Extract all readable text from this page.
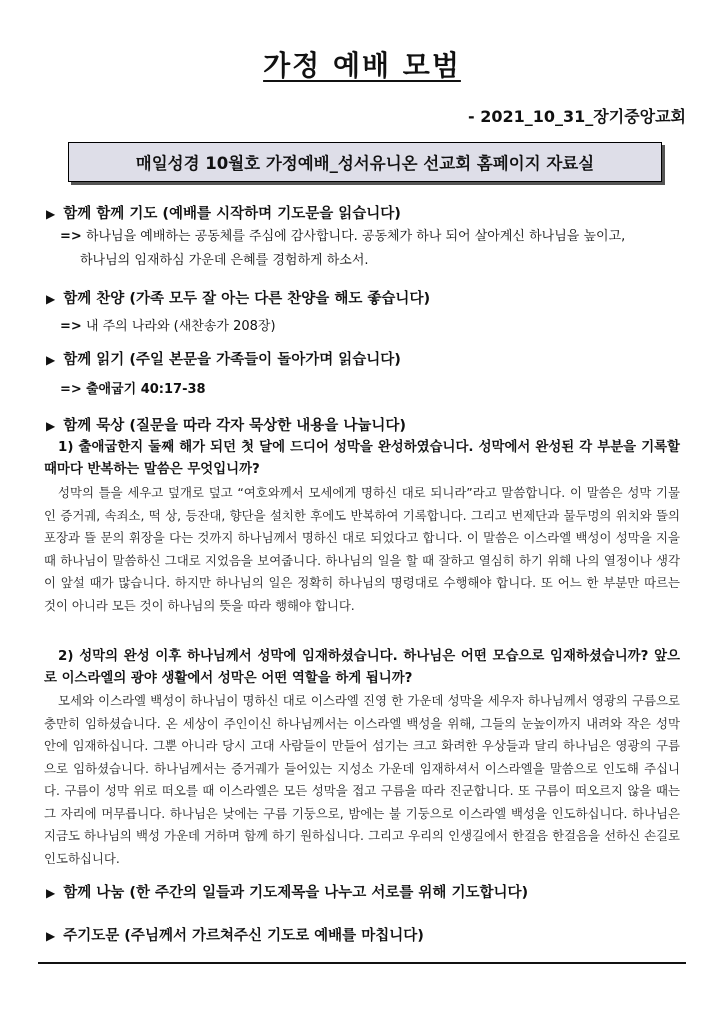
가정 예배 모범
- 2021_10_31_장기중앙교회
매일성경 10월호 가정예배_성서유니온 선교회 홈페이지 자료실
▶ 함께 함께 기도 (예배를 시작하며 기도문을 읽습니다)
=> 하나님을 예배하는 공동체를 주심에 감사합니다. 공동체가 하나 되어 살아계신 하나님을 높이고,
하나님의 임재하심 가운데 은혜를 경험하게 하소서.
▶ 함께 찬양 (가족 모두 잘 아는 다른 찬양을 해도 좋습니다)
=> 내 주의 나라와 (새찬송가 208장)
▶ 함께 읽기 (주일 본문을 가족들이 돌아가며 읽습니다)
=> 출애굽기 40:17-38
▶ 함께 묵상 (질문을 따라 각자 묵상한 내용을 나눕니다)
1) 출애굽한지 둘째 해가 되던 첫 달에 드디어 성막을 완성하였습니다. 성막에서 완성된 각 부분을 기록할 때마다 반복하는 말씀은 무엇입니까?
성막의 틀을 세우고 덮개로 덮고 “여호와께서 모세에게 명하신 대로 되니라”라고 말씀합니다. 이 말씀은 성막 기물인 증거궤, 속죄소, 떡 상, 등잔대, 향단을 설치한 후에도 반복하여 기록합니다. 그리고 번제단과 물두멍의 위치와 뜰의 포장과 뜰 문의 휘장을 다는 것까지 하나님께서 명하신 대로 되었다고 합니다. 이 말씀은 이스라엘 백성이 성막을 지을 때 하나님이 말씀하신 그대로 지었음을 보여줍니다. 하나님의 일을 할 때 잘하고 열심히 하기 위해 나의 열정이나 생각이 앞설 때가 많습니다. 하지만 하나님의 일은 정확히 하나님의 명령대로 수행해야 합니다. 또 어느 한 부분만 따르는 것이 아니라 모든 것이 하나님의 뜻을 따라 행해야 합니다.
2) 성막의 완성 이후 하나님께서 성막에 임재하셨습니다. 하나님은 어떤 모습으로 임재하셨습니까? 앞으로 이스라엘의 광야 생활에서 성막은 어떤 역할을 하게 됩니까?
모세와 이스라엘 백성이 하나님이 명하신 대로 이스라엘 진영 한 가운데 성막을 세우자 하나님께서 영광의 구름으로 충만히 임하셨습니다. 온 세상이 주인이신 하나님께서는 이스라엘 백성을 위해, 그들의 눈높이까지 내려와 작은 성막 안에 임재하십니다. 그뿐 아니라 당시 고대 사람들이 만들어 섬기는 크고 화려한 우상들과 달리 하나님은 영광의 구름으로 임하셨습니다. 하나님께서는 증거궤가 들어있는 지성소 가운데 임재하셔서 이스라엘을 말씀으로 인도해 주십니다. 구름이 성막 위로 떠오를 때 이스라엘은 모든 성막을 접고 구름을 따라 진군합니다. 또 구름이 떠오르지 않을 때는 그 자리에 머무릅니다. 하나님은 낮에는 구름 기둥으로, 밤에는 불 기둥으로 이스라엘 백성을 인도하십니다. 하나님은 지금도 하나님의 백성 가운데 거하며 함께 하기 원하십니다. 그리고 우리의 인생길에서 한걸음 한걸음을 선하신 손길로 인도하십니다.
▶ 함께 나눔 (한 주간의 일들과 기도제목을 나누고 서로를 위해 기도합니다)
▶ 주기도문 (주님께서 가르쳐주신 기도로 예배를 마칩니다)
